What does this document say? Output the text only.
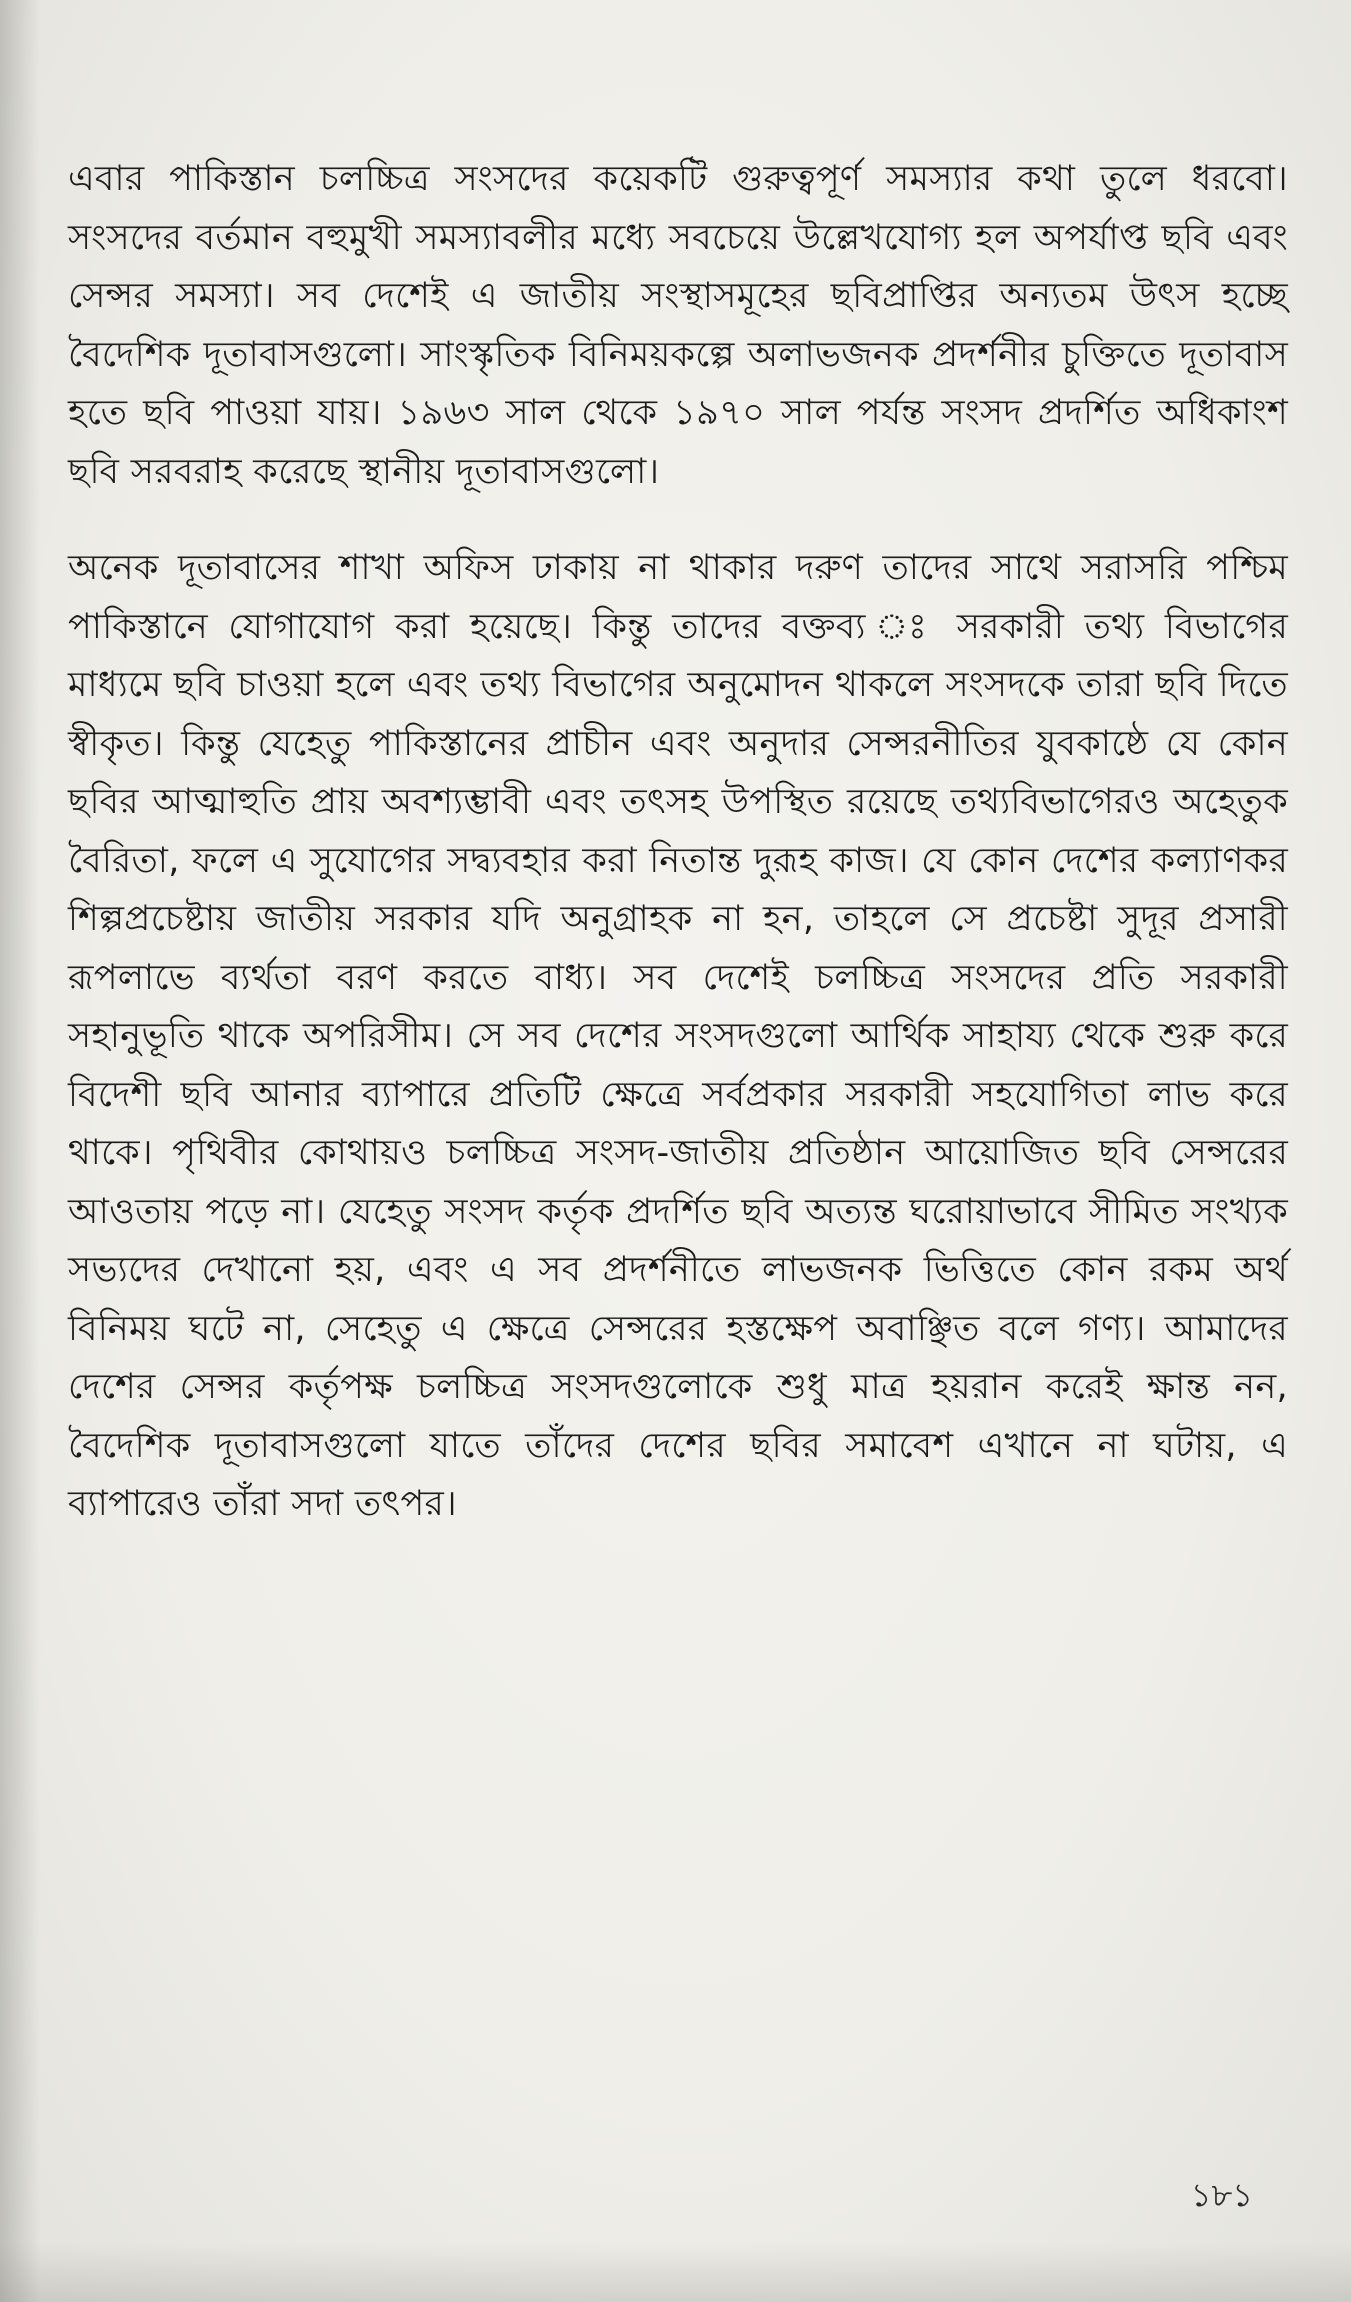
এবার পাকিস্তান চলচ্চিত্র সংসদের কয়েকটি গুরুত্বপূর্ণ সমস্যার কথা তুলে ধরবো। সংসদের বর্তমান বহুমুখী সমস্যাবলীর মধ্যে সবচেয়ে উল্লেখযোগ্য হল অপর্যাপ্ত ছবি এবং সেন্সর সমস্যা। সব দেশেই এ জাতীয় সংস্থাসমূহের ছবিপ্রাপ্তির অন্যতম উৎস হচ্ছে বৈদেশিক দূতাবাসগুলো। সাংস্কৃতিক বিনিময়কল্পে অলাভজনক প্রদর্শনীর চুক্তিতে দূতাবাস হতে ছবি পাওয়া যায়। ১৯৬৩ সাল থেকে ১৯৭০ সাল পর্যন্ত সংসদ প্রদর্শিত অধিকাংশ ছবি সরবরাহ করেছে স্থানীয় দূতাবাসগুলো।

অনেক দূতাবাসের শাখা অফিস ঢাকায় না থাকার দরুণ তাদের সাথে সরাসরি পশ্চিম পাকিস্তানে যোগাযোগ করা হয়েছে। কিন্তু তাদের বক্তব্য ঃ সরকারী তথ্য বিভাগের মাধ্যমে ছবি চাওয়া হলে এবং তথ্য বিভাগের অনুমোদন থাকলে সংসদকে তারা ছবি দিতে স্বীকৃত। কিন্তু যেহেতু পাকিস্তানের প্রাচীন এবং অনুদার সেন্সরনীতির যুবকাষ্ঠে যে কোন ছবির আত্মাহুতি প্রায় অবশ্যম্ভাবী এবং তৎসহ উপস্থিত রয়েছে তথ্যবিভাগেরও অহেতুক বৈরিতা, ফলে এ সুযোগের সদ্ব্যবহার করা নিতান্ত দুরূহ কাজ। যে কোন দেশের কল্যাণকর শিল্পপ্রচেষ্টায় জাতীয় সরকার যদি অনুগ্রাহক না হন, তাহলে সে প্রচেষ্টা সুদূর প্রসারী রূপলাভে ব্যর্থতা বরণ করতে বাধ্য। সব দেশেই চলচ্চিত্র সংসদের প্রতি সরকারী সহানুভূতি থাকে অপরিসীম। সে সব দেশের সংসদগুলো আর্থিক সাহায্য থেকে শুরু করে বিদেশী ছবি আনার ব্যাপারে প্রতিটি ক্ষেত্রে সর্বপ্রকার সরকারী সহযোগিতা লাভ করে থাকে। পৃথিবীর কোথায়ও চলচ্চিত্র সংসদ-জাতীয় প্রতিষ্ঠান আয়োজিত ছবি সেন্সরের আওতায় পড়ে না। যেহেতু সংসদ কর্তৃক প্রদর্শিত ছবি অত্যন্ত ঘরোয়াভাবে সীমিত সংখ্যক সভ্যদের দেখানো হয়, এবং এ সব প্রদর্শনীতে লাভজনক ভিত্তিতে কোন রকম অর্থ বিনিময় ঘটে না, সেহেতু এ ক্ষেত্রে সেন্সরের হস্তক্ষেপ অবাঞ্ছিত বলে গণ্য। আমাদের দেশের সেন্সর কর্তৃপক্ষ চলচ্চিত্র সংসদগুলোকে শুধু মাত্র হয়রান করেই ক্ষান্ত নন, বৈদেশিক দূতাবাসগুলো যাতে তাঁদের দেশের ছবির সমাবেশ এখানে না ঘটায়, এ ব্যাপারেও তাঁরা সদা তৎপর।

১৮১
